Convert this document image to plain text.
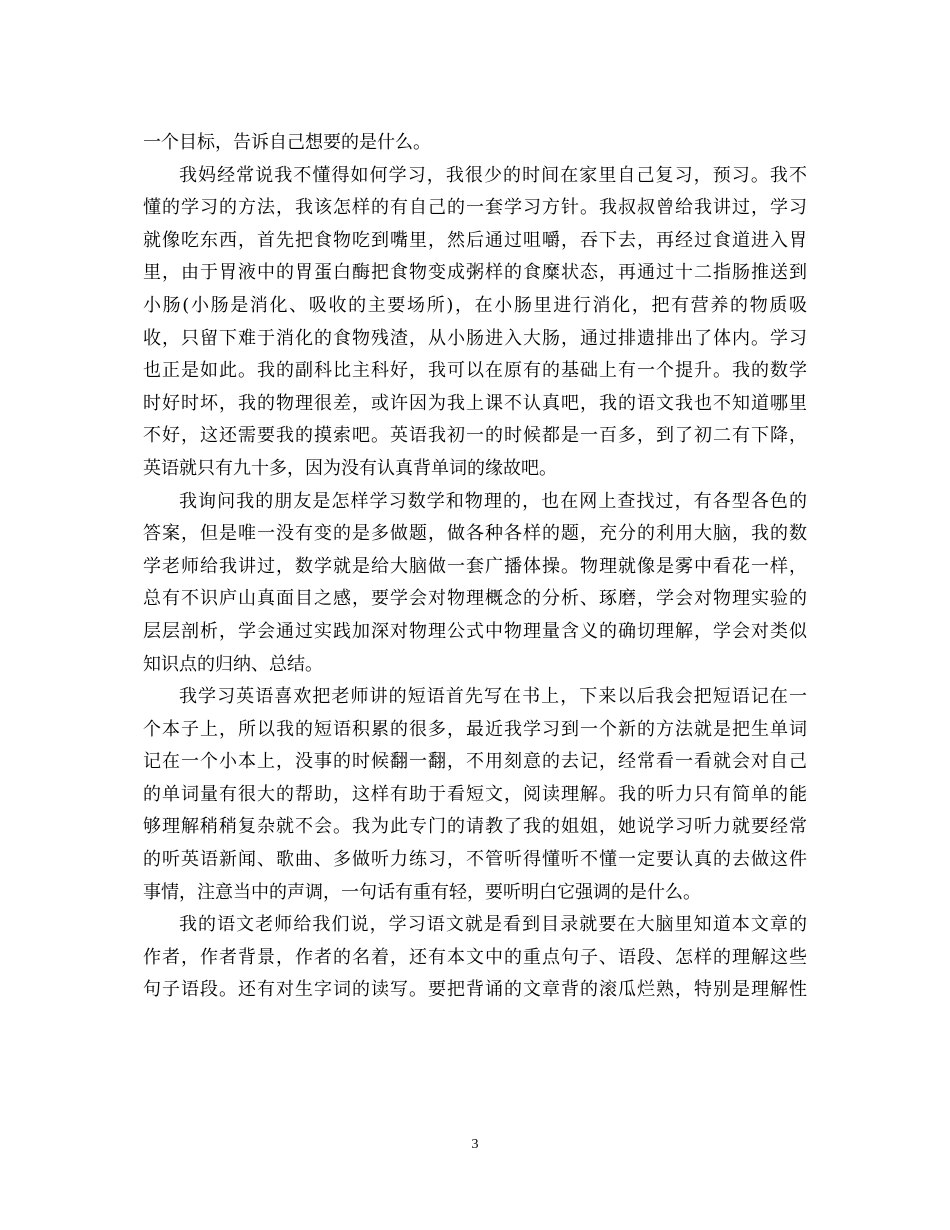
一个目标，告诉自己想要的是什么。
我妈经常说我不懂得如何学习，我很少的时间在家里自己复习，预习。我不
懂的学习的方法，我该怎样的有自己的一套学习方针。我叔叔曾给我讲过，学习
就像吃东西，首先把食物吃到嘴里，然后通过咀嚼，吞下去，再经过食道进入胃
里，由于胃液中的胃蛋白酶把食物变成粥样的食糜状态，再通过十二指肠推送到
小肠(小肠是消化、吸收的主要场所)，在小肠里进行消化，把有营养的物质吸
收，只留下难于消化的食物残渣，从小肠进入大肠，通过排遗排出了体内。学习
也正是如此。我的副科比主科好，我可以在原有的基础上有一个提升。我的数学
时好时坏，我的物理很差，或许因为我上课不认真吧，我的语文我也不知道哪里
不好，这还需要我的摸索吧。英语我初一的时候都是一百多，到了初二有下降，
英语就只有九十多，因为没有认真背单词的缘故吧。
我询问我的朋友是怎样学习数学和物理的，也在网上查找过，有各型各色的
答案，但是唯一没有变的是多做题，做各种各样的题，充分的利用大脑，我的数
学老师给我讲过，数学就是给大脑做一套广播体操。物理就像是雾中看花一样，
总有不识庐山真面目之感，要学会对物理概念的分析、琢磨，学会对物理实验的
层层剖析，学会通过实践加深对物理公式中物理量含义的确切理解，学会对类似
知识点的归纳、总结。
我学习英语喜欢把老师讲的短语首先写在书上，下来以后我会把短语记在一
个本子上，所以我的短语积累的很多，最近我学习到一个新的方法就是把生单词
记在一个小本上，没事的时候翻一翻，不用刻意的去记，经常看一看就会对自己
的单词量有很大的帮助，这样有助于看短文，阅读理解。我的听力只有简单的能
够理解稍稍复杂就不会。我为此专门的请教了我的姐姐，她说学习听力就要经常
的听英语新闻、歌曲、多做听力练习，不管听得懂听不懂一定要认真的去做这件
事情，注意当中的声调，一句话有重有轻，要听明白它强调的是什么。
我的语文老师给我们说，学习语文就是看到目录就要在大脑里知道本文章的
作者，作者背景，作者的名着，还有本文中的重点句子、语段、怎样的理解这些
句子语段。还有对生字词的读写。要把背诵的文章背的滚瓜烂熟，特别是理解性
3
